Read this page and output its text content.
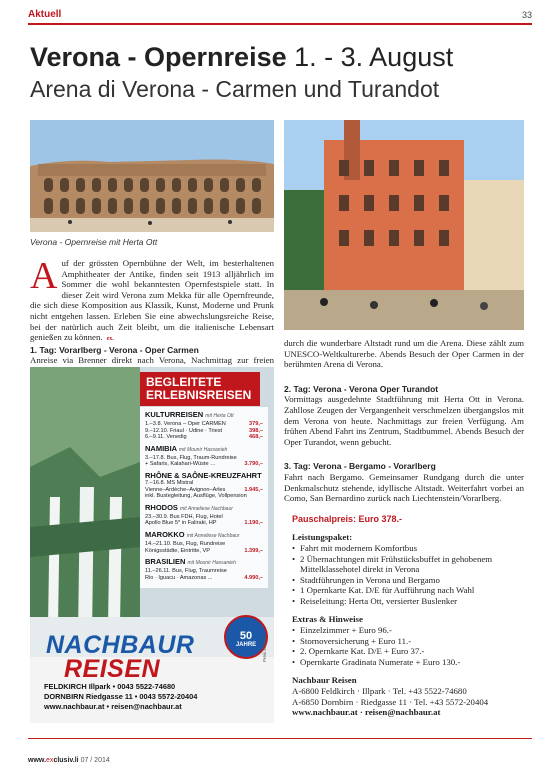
Aktuell	33
Verona - Opernreise 1. - 3. August
Arena di Verona - Carmen und Turandot
Verona - Opernreise mit Herta Ott
A uf der grössten Opernbühne der Welt, im besterhaltenen Amphitheater der Antike, finden seit 1913 alljährlich im Sommer die wohl bekanntesten Opernfestspiele statt. In dieser Zeit wird Verona zum Mekka für alle Opernfreunde, die sich diese Komposition aus Klassik, Kunst, Moderne und Prunk nicht entgehen lassen. Erleben Sie eine abwechslungsreiche Reise, bei der natürlich auch Zeit bleibt, um die italienische Lebensart genießen zu können. ex.

1. Tag: Vorarlberg - Verona - Oper Carmen

Anreise via Brenner direkt nach Verona, Nachmittag zur freien

durch die wunderbare Altstadt rund um die Arena. Diese zählt zum UNESCO-Weltkulturerbe. Abends Besuch der Oper Carmen in der berühmten Arena di Verona.

2. Tag: Verona - Verona Oper Turandot

Vormittags ausgedehnte Stadtführung mit Herta Ott in Verona. Zahllose Zeugen der Vergangenheit verschmelzen übergangslos mit dem Verona von heute. Nachmittags zur freien Verfügung. Am frühen Abend Fahrt ins Zentrum, Stadtbummel. Abends Besuch der Oper Turandot, wenn gebucht.

3. Tag: Verona - Bergamo - Vorarlberg

Fahrt nach Bergamo. Gemeinsamer Rundgang durch die unter Denkmalschutz stehende, idyllische Altstadt. Weiterfahrt vorbei an Como, San Bernardino zurück nach Liechtenstein/Vorarlberg.

Pauschalpreis: Euro 378.-
Leistungspaket:
• Fahrt mit modernem Komfortbus
• 2 Übernachtungen mit Frühstücksbuffet in gehobenem Mittelklassehotel direkt in Verona
• Stadtführungen in Verona und Bergamo
• 1 Opernkarte Kat. D/E für Aufführung nach Wahl
• Reiseleitung: Herta Ott, versierter Buslenker
Extras & Hinweise
• Einzelzimmer + Euro 96.-
• Stornoversicherung + Euro 11.-
• 2. Opernkarte Kat. D/E + Euro 37.-
• Opernkarte Gradinata Numerate + Euro 130.-
Nachbaur Reisen
A-6800 Feldkirch · Illpark · Tel. +43 5522-74680
A-6850 Dornbirn · Riedgasse 11 · Tel. +43 5572-20404
www.nachbaur.at · reisen@nachbaur.at
BEGLEITETE ERLEBNISREISEN
KULTURREISEN mit Herta Ott
1.–3.8. Verona – Oper CARMEN	379,–
9.–12.10. Friaul · Udine · Triest	398,–
6.–9.11. Venedig	468,–
NAMIBIA mit Mounir Hassanieh
3.–17.8. Bus, Flug, Traum-Rundreise
+ Safaris, Kalahari-Wüste …	3.790,–
RHÔNE & SAÔNE-KREUZFAHRT
7.–16.8. MS Mistral
Vienne–Ardèche–Avignon–Arles	1.945,–
inkl. Bustegleitung, Ausflüge, Vollpension
RHODOS mit Anneliese Nachbaur
23.–30.9. Bus FDH, Flug, Hotel
Apollo Blue 5* in Faliraki, HP	1.190,–
MAROKKO mit Anneliese Nachbaur
14.–21.10. Bus, Flug, Rundreise
Königsstädte, Eintritte, VP	1.399,–
BRASILIEN mit Mounir Hassanieh
11.–26.11. Bus, Flug, Traumreise
Rio · Iguacu · Amazonas ...	4.990,–
NACHBAUR
REISEN
50
JAHRE
FELDKIRCH Illpark • 0043 5522-74680
DORNBIRN Riedgasse 11 • 0043 5572-20404
www.nachbaur.at • reisen@nachbaur.at
Preis in Euro
www.exclusiv.li 07 / 2014
